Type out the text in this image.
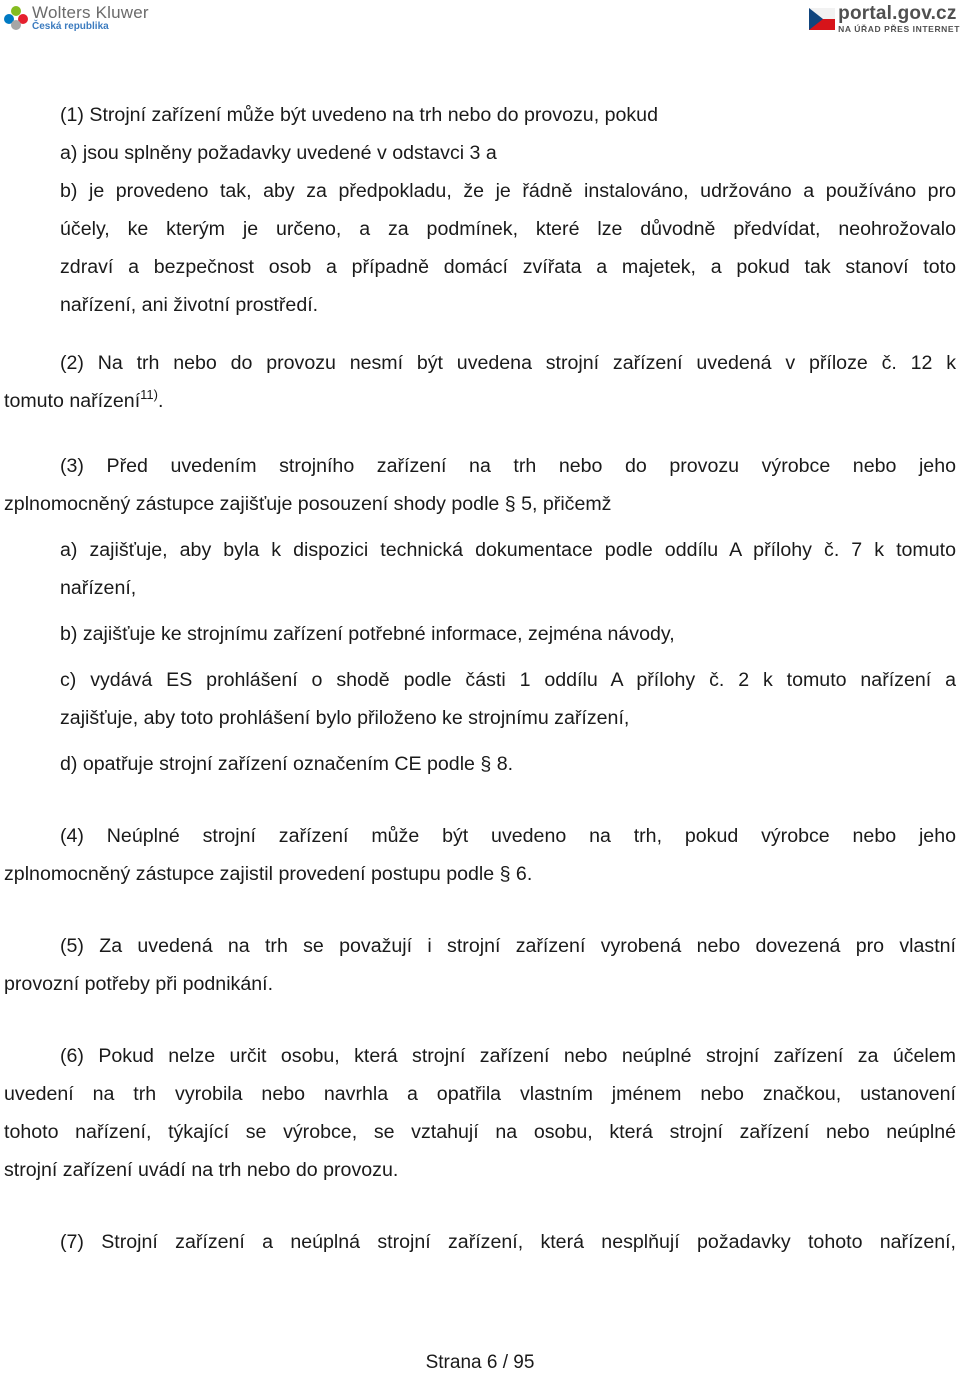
Wolters Kluwer
Česká republika
portal.gov.cz
NA ÚŘAD PŘES INTERNET
(1) Strojní zařízení může být uvedeno na trh nebo do provozu, pokud
a) jsou splněny požadavky uvedené v odstavci 3 a
b) je provedeno tak, aby za předpokladu, že je řádně instalováno, udržováno a používáno pro
účely, ke kterým je určeno, a za podmínek, které lze důvodně předvídat, neohrožovalo
zdraví a bezpečnost osob a případně domácí zvířata a majetek, a pokud tak stanoví toto
nařízení, ani životní prostředí.
(2) Na trh nebo do provozu nesmí být uvedena strojní zařízení uvedená v příloze č. 12 k
tomuto nařízení$^{11)}$.
(3) Před uvedením strojního zařízení na trh nebo do provozu výrobce nebo jeho
zplnomocněný zástupce zajišťuje posouzení shody podle § 5, přičemž
a) zajišťuje, aby byla k dispozici technická dokumentace podle oddílu A přílohy č. 7 k tomuto
nařízení,
b) zajišťuje ke strojnímu zařízení potřebné informace, zejména návody,
c) vydává ES prohlášení o shodě podle části 1 oddílu A přílohy č. 2 k tomuto nařízení a
zajišťuje, aby toto prohlášení bylo přiloženo ke strojnímu zařízení,
d) opatřuje strojní zařízení označením CE podle § 8.
(4) Neúplné strojní zařízení může být uvedeno na trh, pokud výrobce nebo jeho
zplnomocněný zástupce zajistil provedení postupu podle § 6.
(5) Za uvedená na trh se považují i strojní zařízení vyrobená nebo dovezená pro vlastní
provozní potřeby při podnikání.
(6) Pokud nelze určit osobu, která strojní zařízení nebo neúplné strojní zařízení za účelem
uvedení na trh vyrobila nebo navrhla a opatřila vlastním jménem nebo značkou, ustanovení
tohoto nařízení, týkající se výrobce, se vztahují na osobu, která strojní zařízení nebo neúplné
strojní zařízení uvádí na trh nebo do provozu.
(7) Strojní zařízení a neúplná strojní zařízení, která nesplňují požadavky tohoto nařízení,
Strana 6 / 95
